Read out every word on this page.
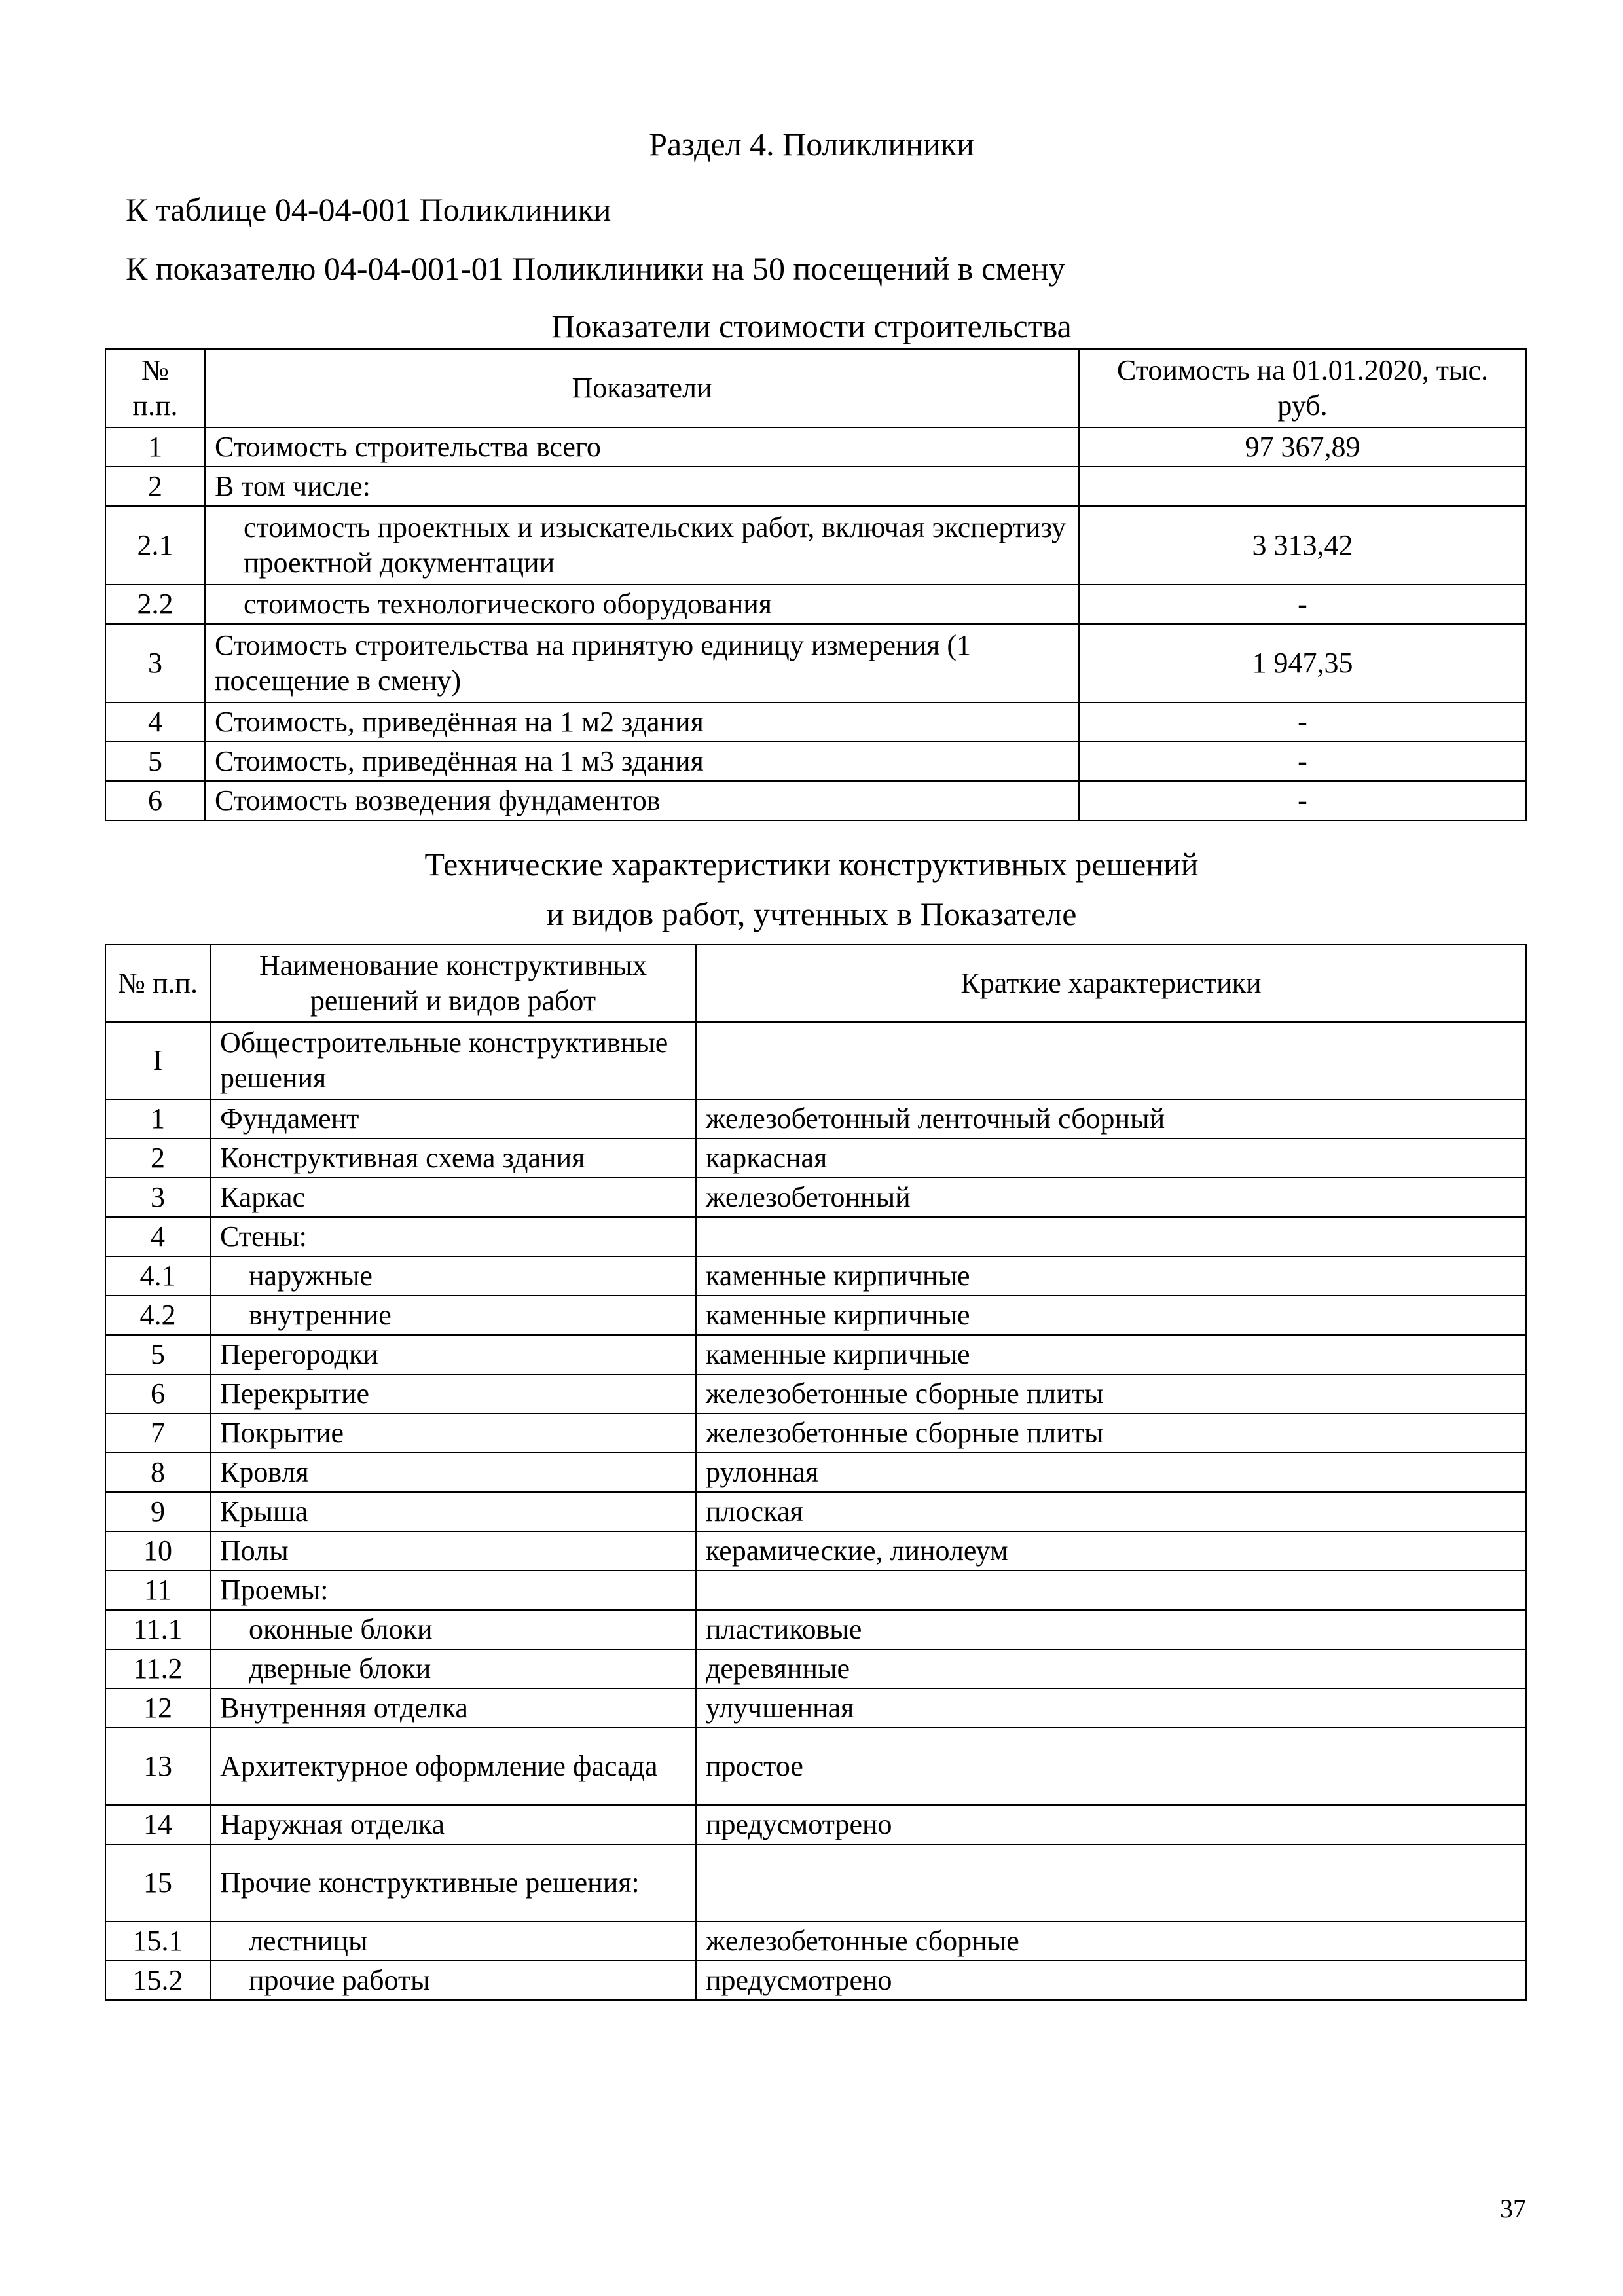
Раздел 4. Поликлиники
К таблице 04-04-001 Поликлиники
К показателю 04-04-001-01 Поликлиники на 50 посещений в смену
Показатели стоимости строительства
№ п.п.	Показатели	Стоимость на 01.01.2020, тыс. руб.
1	Стоимость строительства всего	97 367,89
2	В том числе:	
2.1	стоимость проектных и изыскательских работ, включая экспертизу проектной документации	3 313,42
2.2	стоимость технологического оборудования	-
3	Стоимость строительства на принятую единицу измерения (1 посещение в смену)	1 947,35
4	Стоимость, приведённая на 1 м2 здания	-
5	Стоимость, приведённая на 1 м3 здания	-
6	Стоимость возведения фундаментов	-
Технические характеристики конструктивных решений
и видов работ, учтенных в Показателе
№ п.п.	Наименование конструктивных решений и видов работ	Краткие характеристики
I	Общестроительные конструктивные решения	
1	Фундамент	железобетонный ленточный сборный
2	Конструктивная схема здания	каркасная
3	Каркас	железобетонный
4	Стены:	
4.1	наружные	каменные кирпичные
4.2	внутренние	каменные кирпичные
5	Перегородки	каменные кирпичные
6	Перекрытие	железобетонные сборные плиты
7	Покрытие	железобетонные сборные плиты
8	Кровля	рулонная
9	Крыша	плоская
10	Полы	керамические, линолеум
11	Проемы:	
11.1	оконные блоки	пластиковые
11.2	дверные блоки	деревянные
12	Внутренняя отделка	улучшенная
13	Архитектурное оформление фасада	простое
14	Наружная отделка	предусмотрено
15	Прочие конструктивные решения:	
15.1	лестницы	железобетонные сборные
15.2	прочие работы	предусмотрено
37
